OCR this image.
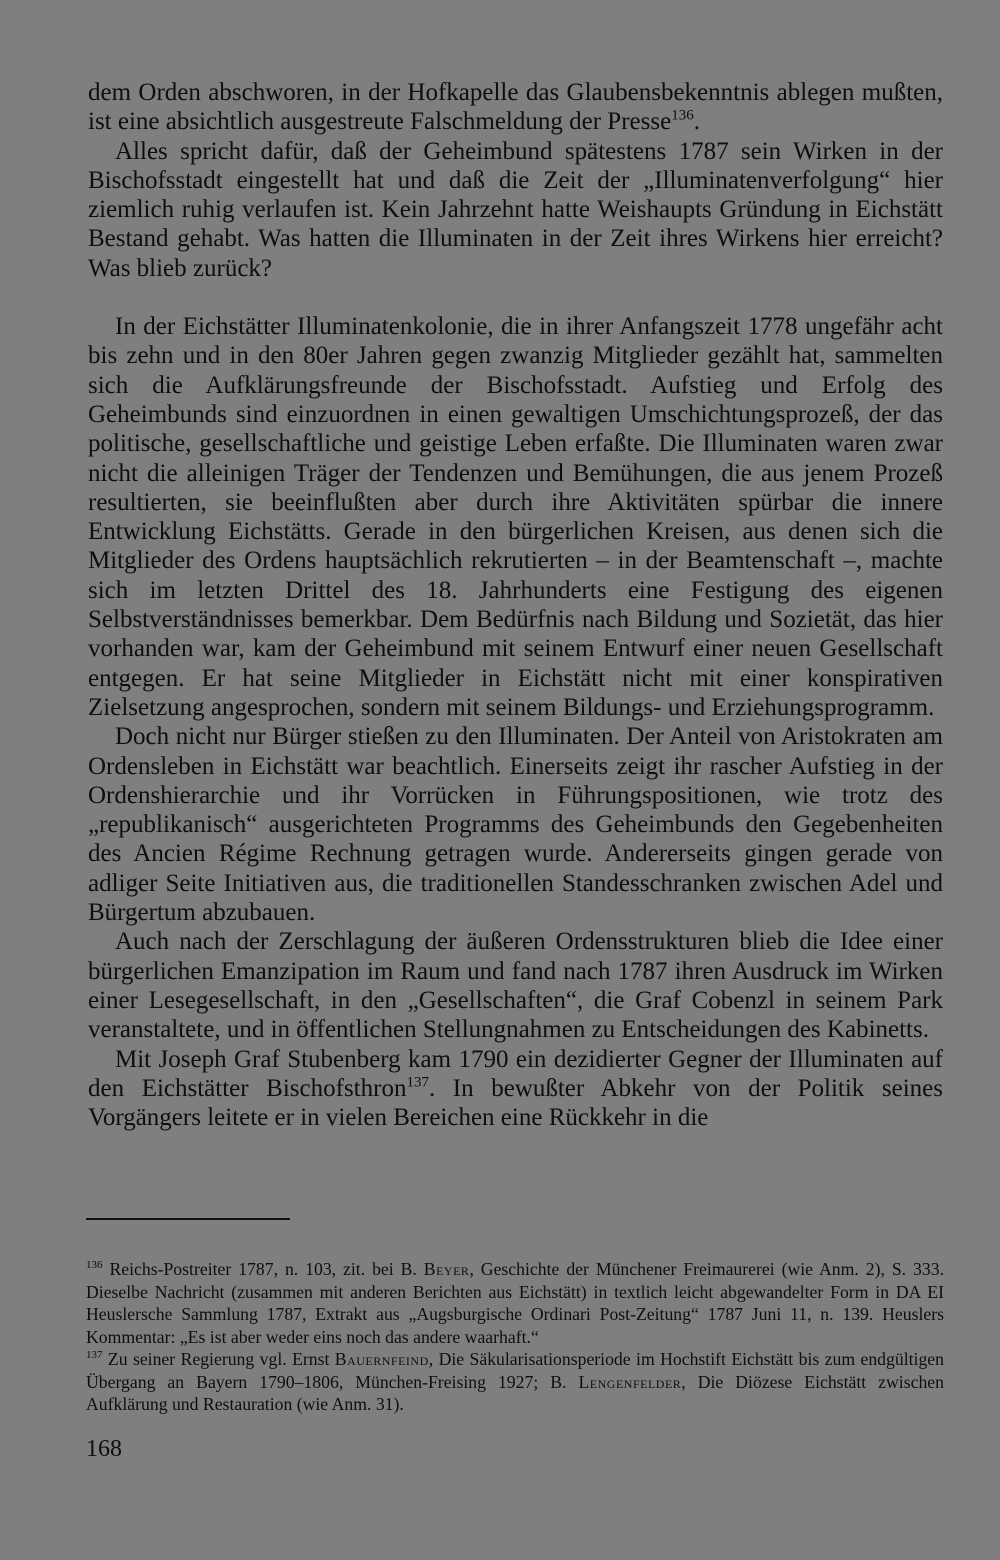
dem Orden abschworen, in der Hofkapelle das Glaubensbekenntnis ablegen mußten, ist eine absichtlich ausgestreute Falschmeldung der Presse$^{136}$.

Alles spricht dafür, daß der Geheimbund spätestens 1787 sein Wirken in der Bischofsstadt eingestellt hat und daß die Zeit der „Illuminatenverfolgung“ hier ziemlich ruhig verlaufen ist. Kein Jahrzehnt hatte Weishaupts Gründung in Eichstätt Bestand gehabt. Was hatten die Illuminaten in der Zeit ihres Wirkens hier erreicht? Was blieb zurück?

In der Eichstätter Illuminatenkolonie, die in ihrer Anfangszeit 1778 ungefähr acht bis zehn und in den 80er Jahren gegen zwanzig Mitglieder gezählt hat, sammelten sich die Aufklärungsfreunde der Bischofsstadt. Aufstieg und Erfolg des Geheimbunds sind einzuordnen in einen gewaltigen Umschichtungsprozeß, der das politische, gesellschaftliche und geistige Leben erfaßte. Die Illuminaten waren zwar nicht die alleinigen Träger der Tendenzen und Bemühungen, die aus jenem Prozeß resultierten, sie beeinflußten aber durch ihre Aktivitäten spürbar die innere Entwicklung Eichstätts. Gerade in den bürgerlichen Kreisen, aus denen sich die Mitglieder des Ordens hauptsächlich rekrutierten – in der Beamtenschaft –, machte sich im letzten Drittel des 18. Jahrhunderts eine Festigung des eigenen Selbstverständnisses bemerkbar. Dem Bedürfnis nach Bildung und Sozietät, das hier vorhanden war, kam der Geheimbund mit seinem Entwurf einer neuen Gesellschaft entgegen. Er hat seine Mitglieder in Eichstätt nicht mit einer konspirativen Zielsetzung angesprochen, sondern mit seinem Bildungs- und Erziehungsprogramm.

Doch nicht nur Bürger stießen zu den Illuminaten. Der Anteil von Aristokraten am Ordensleben in Eichstätt war beachtlich. Einerseits zeigt ihr rascher Aufstieg in der Ordenshierarchie und ihr Vorrücken in Führungspositionen, wie trotz des „republikanisch“ ausgerichteten Programms des Geheimbunds den Gegebenheiten des Ancien Régime Rechnung getragen wurde. Andererseits gingen gerade von adliger Seite Initiativen aus, die traditionellen Standesschranken zwischen Adel und Bürgertum abzubauen.

Auch nach der Zerschlagung der äußeren Ordensstrukturen blieb die Idee einer bürgerlichen Emanzipation im Raum und fand nach 1787 ihren Ausdruck im Wirken einer Lesegesellschaft, in den „Gesellschaften“, die Graf Cobenzl in seinem Park veranstaltete, und in öffentlichen Stellungnahmen zu Entscheidungen des Kabinetts.

Mit Joseph Graf Stubenberg kam 1790 ein dezidierter Gegner der Illuminaten auf den Eichstätter Bischofsthron$^{137}$. In bewußter Abkehr von der Politik seines Vorgängers leitete er in vielen Bereichen eine Rückkehr in die

$^{136}$ Reichs-Postreiter 1787, n. 103, zit. bei B. Beyer, Geschichte der Münchener Freimaurerei (wie Anm. 2), S. 333. Dieselbe Nachricht (zusammen mit anderen Berichten aus Eichstätt) in textlich leicht abgewandelter Form in DA EI Heuslersche Sammlung 1787, Extrakt aus „Augsburgische Ordinari Post-Zeitung“ 1787 Juni 11, n. 139. Heuslers Kommentar: „Es ist aber weder eins noch das andere waarhaft.“

$^{137}$ Zu seiner Regierung vgl. Ernst Bauernfeind, Die Säkularisationsperiode im Hochstift Eichstätt bis zum endgültigen Übergang an Bayern 1790–1806, München-Freising 1927; B. Lengenfelder, Die Diözese Eichstätt zwischen Aufklärung und Restauration (wie Anm. 31).

168
